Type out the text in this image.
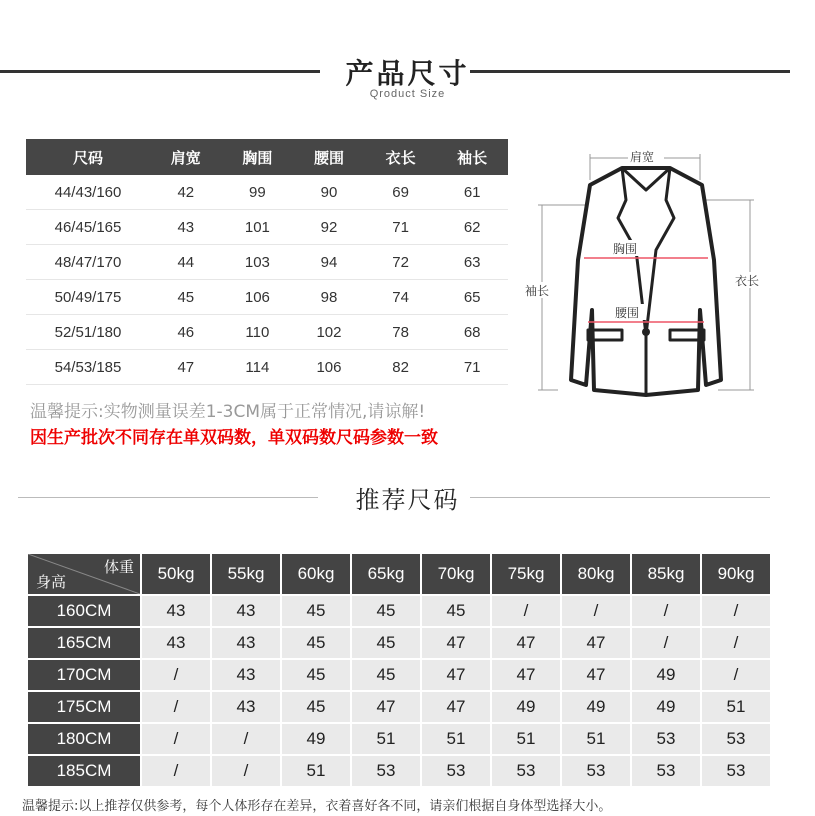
产品尺寸
Qroduct Size
尺码	肩宽	胸围	腰围	衣长	袖长
44/43/160	42	99	90	69	61
46/45/165	43	101	92	71	62
48/47/170	44	103	94	72	63
50/49/175	45	106	98	74	65
52/51/180	46	110	102	78	68
54/53/185	47	114	106	82	71
肩宽
袖长
衣长
胸围
腰围
温馨提示:实物测量误差1-3CM属于正常情况,请谅解!
因生产批次不同存在单双码数，单双码数尺码参数一致
推荐尺码
体重
身高	50kg	55kg	60kg	65kg	70kg	75kg	80kg	85kg	90kg
160CM	43	43	45	45	45	/	/	/	/
165CM	43	43	45	45	47	47	47	/	/
170CM	/	43	45	45	47	47	47	49	/
175CM	/	43	45	47	47	49	49	49	51
180CM	/	/	49	51	51	51	51	53	53
185CM	/	/	51	53	53	53	53	53	53
温馨提示:以上推荐仅供参考，每个人体形存在差异，衣着喜好各不同，请亲们根据自身体型选择大小。
